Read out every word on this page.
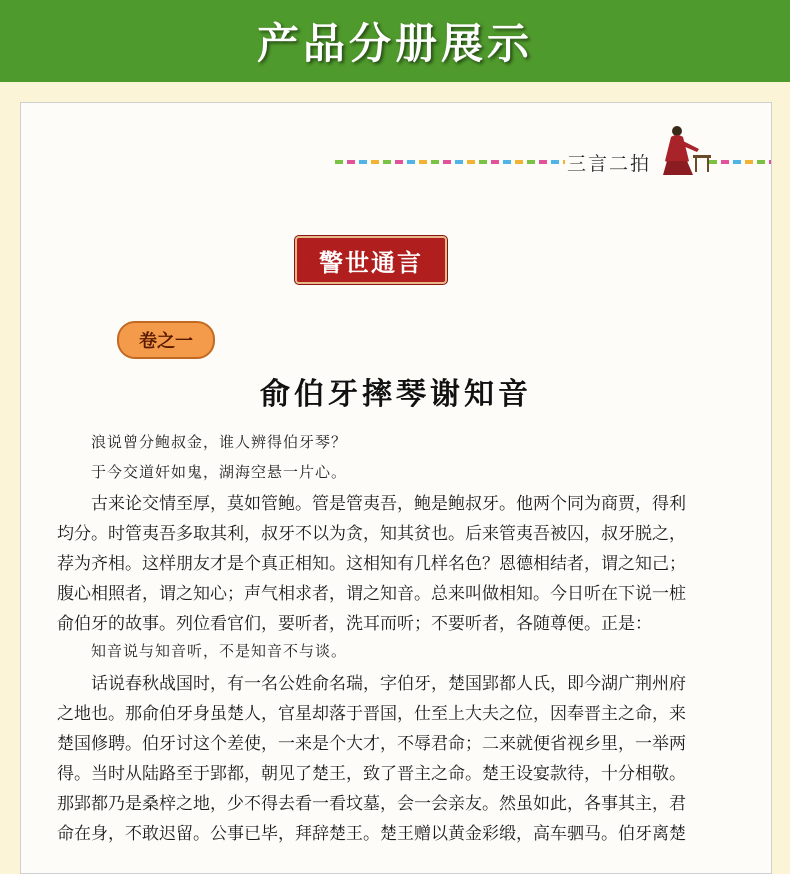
产品分册展示
三言二拍
警世通言
卷之一
俞伯牙摔琴谢知音
浪说曾分鲍叔金，谁人辨得伯牙琴？
于今交道奸如鬼，湖海空悬一片心。
古来论交情至厚，莫如管鲍。管是管夷吾，鲍是鲍叔牙。他两个同为商贾，得利
均分。时管夷吾多取其利，叔牙不以为贪，知其贫也。后来管夷吾被囚，叔牙脱之，
荐为齐相。这样朋友才是个真正相知。这相知有几样名色？恩德相结者，谓之知己；
腹心相照者，谓之知心；声气相求者，谓之知音。总来叫做相知。今日听在下说一桩
俞伯牙的故事。列位看官们，要听者，洗耳而听；不要听者，各随尊便。正是：
知音说与知音听，不是知音不与谈。
话说春秋战国时，有一名公姓俞名瑞，字伯牙，楚国郢都人氏，即今湖广荆州府
之地也。那俞伯牙身虽楚人，官星却落于晋国，仕至上大夫之位，因奉晋主之命，来
楚国修聘。伯牙讨这个差使，一来是个大才，不辱君命；二来就便省视乡里，一举两
得。当时从陆路至于郢都，朝见了楚王，致了晋主之命。楚王设宴款待，十分相敬。
那郢都乃是桑梓之地，少不得去看一看坟墓，会一会亲友。然虽如此，各事其主，君
命在身，不敢迟留。公事已毕，拜辞楚王。楚王赠以黄金彩缎，高车驷马。伯牙离楚
